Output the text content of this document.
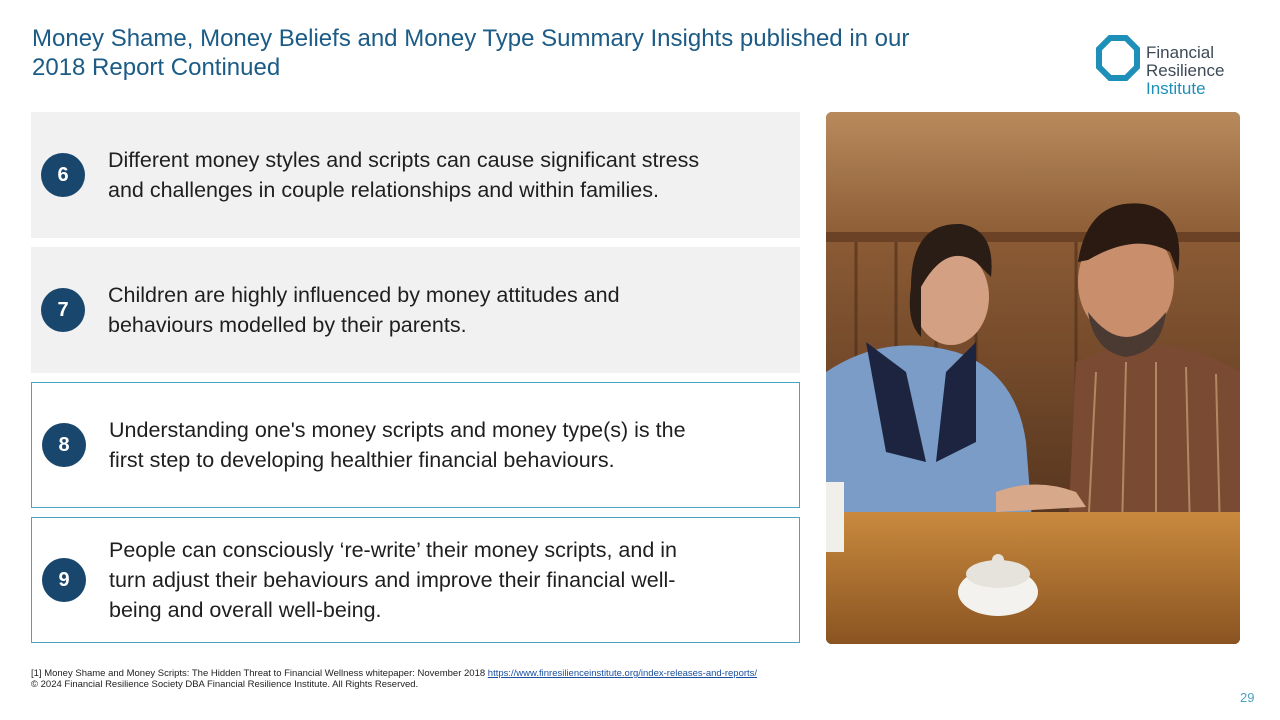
Money Shame, Money Beliefs and Money Type Summary Insights published in our
2018 Report Continued
Financial
Resilience
Institute
6
Different money styles and scripts can cause significant stress
and challenges in couple relationships and within families.
7
Children are highly influenced by money attitudes and
behaviours modelled by their parents.
8
Understanding one's money scripts and money type(s) is the
first step to developing healthier financial behaviours.
9
People can consciously ‘re-write’ their money scripts, and in
turn adjust their behaviours and improve their financial well-
being and overall well-being.
[1] Money Shame and Money Scripts: The Hidden Threat to Financial Wellness whitepaper: November 2018 https://www.finresilienceinstitute.org/index-releases-and-reports/
© 2024 Financial Resilience Society DBA Financial Resilience Institute. All Rights Reserved.
29
